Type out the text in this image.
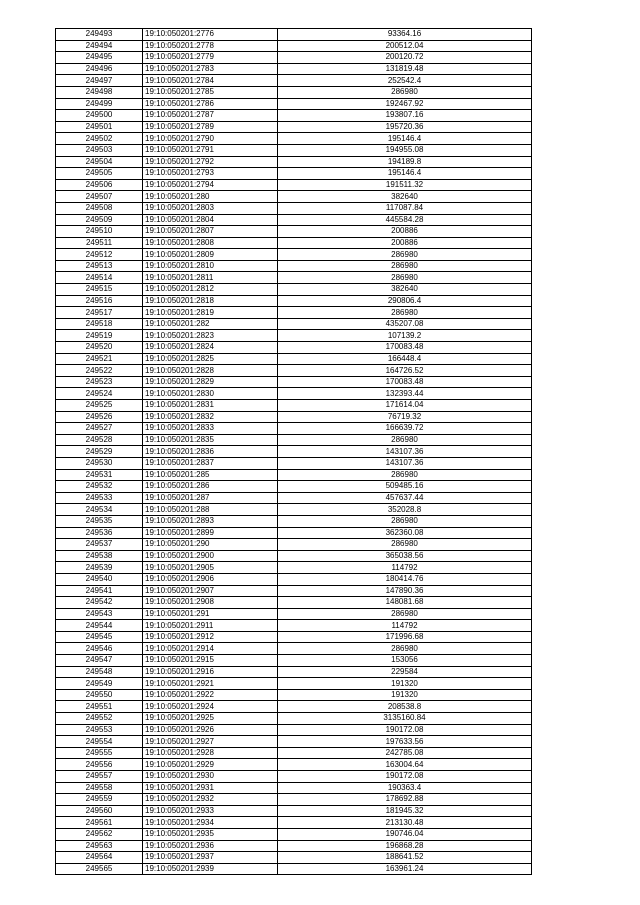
249493	19:10:050201:2776	93364.16
249494	19:10:050201:2778	200512.04
249495	19:10:050201:2779	200120.72
249496	19:10:050201:2783	131819.48
249497	19:10:050201:2784	252542.4
249498	19:10:050201:2785	286980
249499	19:10:050201:2786	192467.92
249500	19:10:050201:2787	193807.16
249501	19:10:050201:2789	195720.36
249502	19:10:050201:2790	195146.4
249503	19:10:050201:2791	194955.08
249504	19:10:050201:2792	194189.8
249505	19:10:050201:2793	195146.4
249506	19:10:050201:2794	191511.32
249507	19:10:050201:280	382640
249508	19:10:050201:2803	117087.84
249509	19:10:050201:2804	445584.28
249510	19:10:050201:2807	200886
249511	19:10:050201:2808	200886
249512	19:10:050201:2809	286980
249513	19:10:050201:2810	286980
249514	19:10:050201:2811	286980
249515	19:10:050201:2812	382640
249516	19:10:050201:2818	290806.4
249517	19:10:050201:2819	286980
249518	19:10:050201:282	435207.08
249519	19:10:050201:2823	107139.2
249520	19:10:050201:2824	170083.48
249521	19:10:050201:2825	166448.4
249522	19:10:050201:2828	164726.52
249523	19:10:050201:2829	170083.48
249524	19:10:050201:2830	132393.44
249525	19:10:050201:2831	171614.04
249526	19:10:050201:2832	76719.32
249527	19:10:050201:2833	166639.72
249528	19:10:050201:2835	286980
249529	19:10:050201:2836	143107.36
249530	19:10:050201:2837	143107.36
249531	19:10:050201:285	286980
249532	19:10:050201:286	509485.16
249533	19:10:050201:287	457637.44
249534	19:10:050201:288	352028.8
249535	19:10:050201:2893	286980
249536	19:10:050201:2899	362360.08
249537	19:10:050201:290	286980
249538	19:10:050201:2900	365038.56
249539	19:10:050201:2905	114792
249540	19:10:050201:2906	180414.76
249541	19:10:050201:2907	147890.36
249542	19:10:050201:2908	148081.68
249543	19:10:050201:291	286980
249544	19:10:050201:2911	114792
249545	19:10:050201:2912	171996.68
249546	19:10:050201:2914	286980
249547	19:10:050201:2915	153056
249548	19:10:050201:2916	229584
249549	19:10:050201:2921	191320
249550	19:10:050201:2922	191320
249551	19:10:050201:2924	208538.8
249552	19:10:050201:2925	3135160.84
249553	19:10:050201:2926	190172.08
249554	19:10:050201:2927	197633.56
249555	19:10:050201:2928	242785.08
249556	19:10:050201:2929	163004.64
249557	19:10:050201:2930	190172.08
249558	19:10:050201:2931	190363.4
249559	19:10:050201:2932	178692.88
249560	19:10:050201:2933	181945.32
249561	19:10:050201:2934	213130.48
249562	19:10:050201:2935	190746.04
249563	19:10:050201:2936	196868.28
249564	19:10:050201:2937	188641.52
249565	19:10:050201:2939	163961.24
